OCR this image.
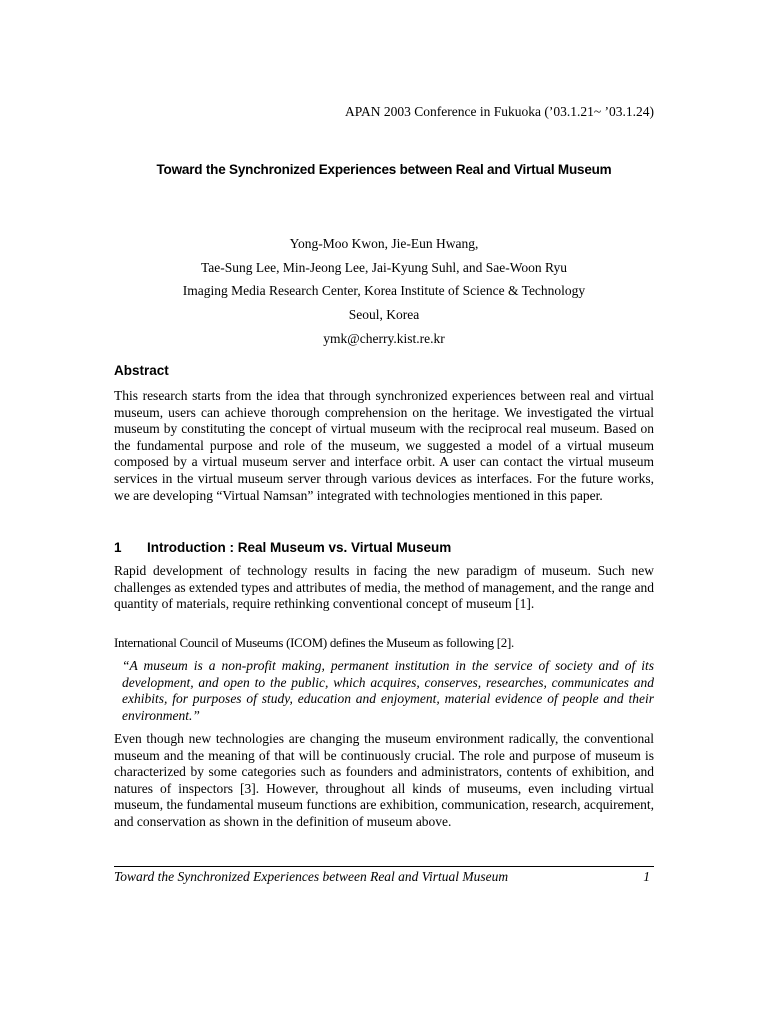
APAN 2003 Conference in Fukuoka (’03.1.21~ ’03.1.24)
Toward the Synchronized Experiences between Real and Virtual Museum
Yong-Moo Kwon, Jie-Eun Hwang,
Tae-Sung Lee, Min-Jeong Lee, Jai-Kyung Suhl, and Sae-Woon Ryu
Imaging Media Research Center, Korea Institute of Science & Technology
Seoul, Korea
ymk@cherry.kist.re.kr
Abstract
This research starts from the idea that through synchronized experiences between real and virtual museum, users can achieve thorough comprehension on the heritage. We investigated the virtual museum by constituting the concept of virtual museum with the reciprocal real museum. Based on the fundamental purpose and role of the museum, we suggested a model of a virtual museum composed by a virtual museum server and interface orbit. A user can contact the virtual museum services in the virtual museum server through various devices as interfaces. For the future works, we are developing “Virtual Namsan” integrated with technologies mentioned in this paper.
1 Introduction : Real Museum vs. Virtual Museum
Rapid development of technology results in facing the new paradigm of museum. Such new challenges as extended types and attributes of media, the method of management, and the range and quantity of materials, require rethinking conventional concept of museum [1].
International Council of Museums (ICOM) defines the Museum as following [2].
“A museum is a non-profit making, permanent institution in the service of society and of its development, and open to the public, which acquires, conserves, researches, communicates and exhibits, for purposes of study, education and enjoyment, material evidence of people and their environment.”
Even though new technologies are changing the museum environment radically, the conventional museum and the meaning of that will be continuously crucial. The role and purpose of museum is characterized by some categories such as founders and administrators, contents of exhibition, and natures of inspectors [3]. However, throughout all kinds of museums, even including virtual museum, the fundamental museum functions are exhibition, communication, research, acquirement, and conservation as shown in the definition of museum above.
Toward the Synchronized Experiences between Real and Virtual Museum	1
